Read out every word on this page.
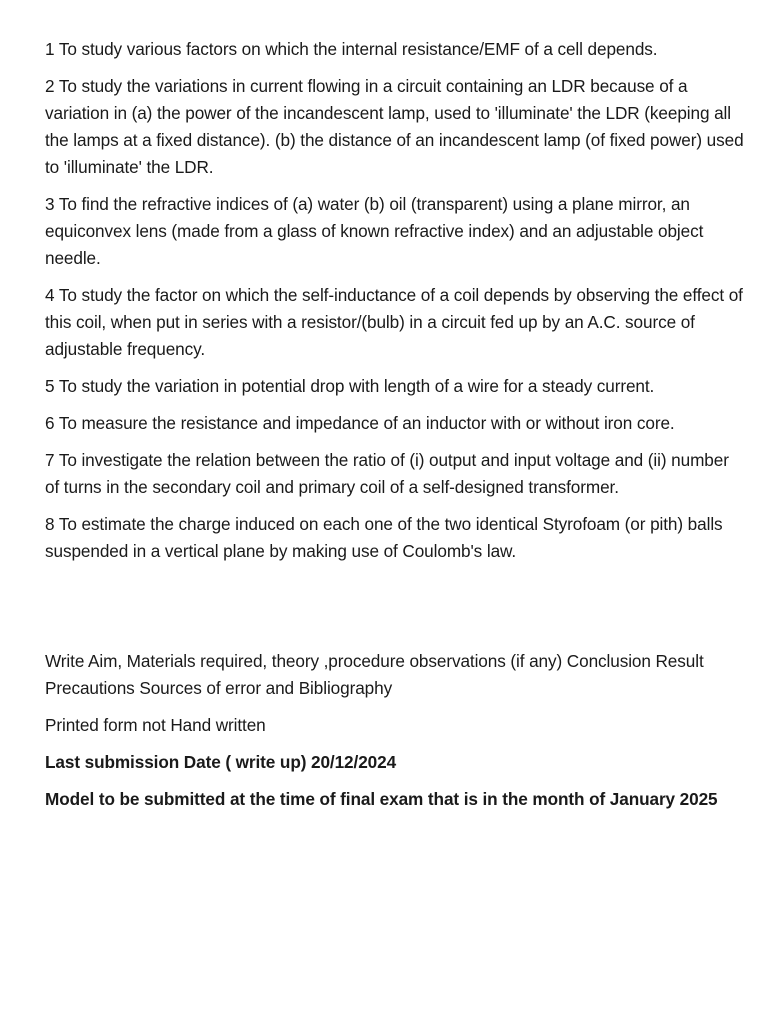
1 To study various factors on which the internal resistance/EMF of a cell depends.
2 To study the variations in current flowing in a circuit containing an LDR because of a variation in (a) the power of the incandescent lamp, used to 'illuminate' the LDR (keeping all the lamps at a fixed distance). (b) the distance of an incandescent lamp (of fixed power) used to 'illuminate' the LDR.
3 To find the refractive indices of (a) water (b) oil (transparent) using a plane mirror, an equiconvex lens (made from a glass of known refractive index) and an adjustable object needle.
4 To study the factor on which the self-inductance of a coil depends by observing the effect of this coil, when put in series with a resistor/(bulb) in a circuit fed up by an A.C. source of adjustable frequency.
5 To study the variation in potential drop with length of a wire for a steady current.
6 To measure the resistance and impedance of an inductor with or without iron core.
7 To investigate the relation between the ratio of (i) output and input voltage and (ii) number of turns in the secondary coil and primary coil of a self-designed transformer.
8 To estimate the charge induced on each one of the two identical Styrofoam (or pith) balls suspended in a vertical plane by making use of Coulomb's law.
Write Aim, Materials required, theory ,procedure observations (if any) Conclusion Result Precautions Sources of error and Bibliography
Printed form not Hand written
Last submission Date ( write up) 20/12/2024
Model to be submitted at the time of final exam that is in the month of January 2025
